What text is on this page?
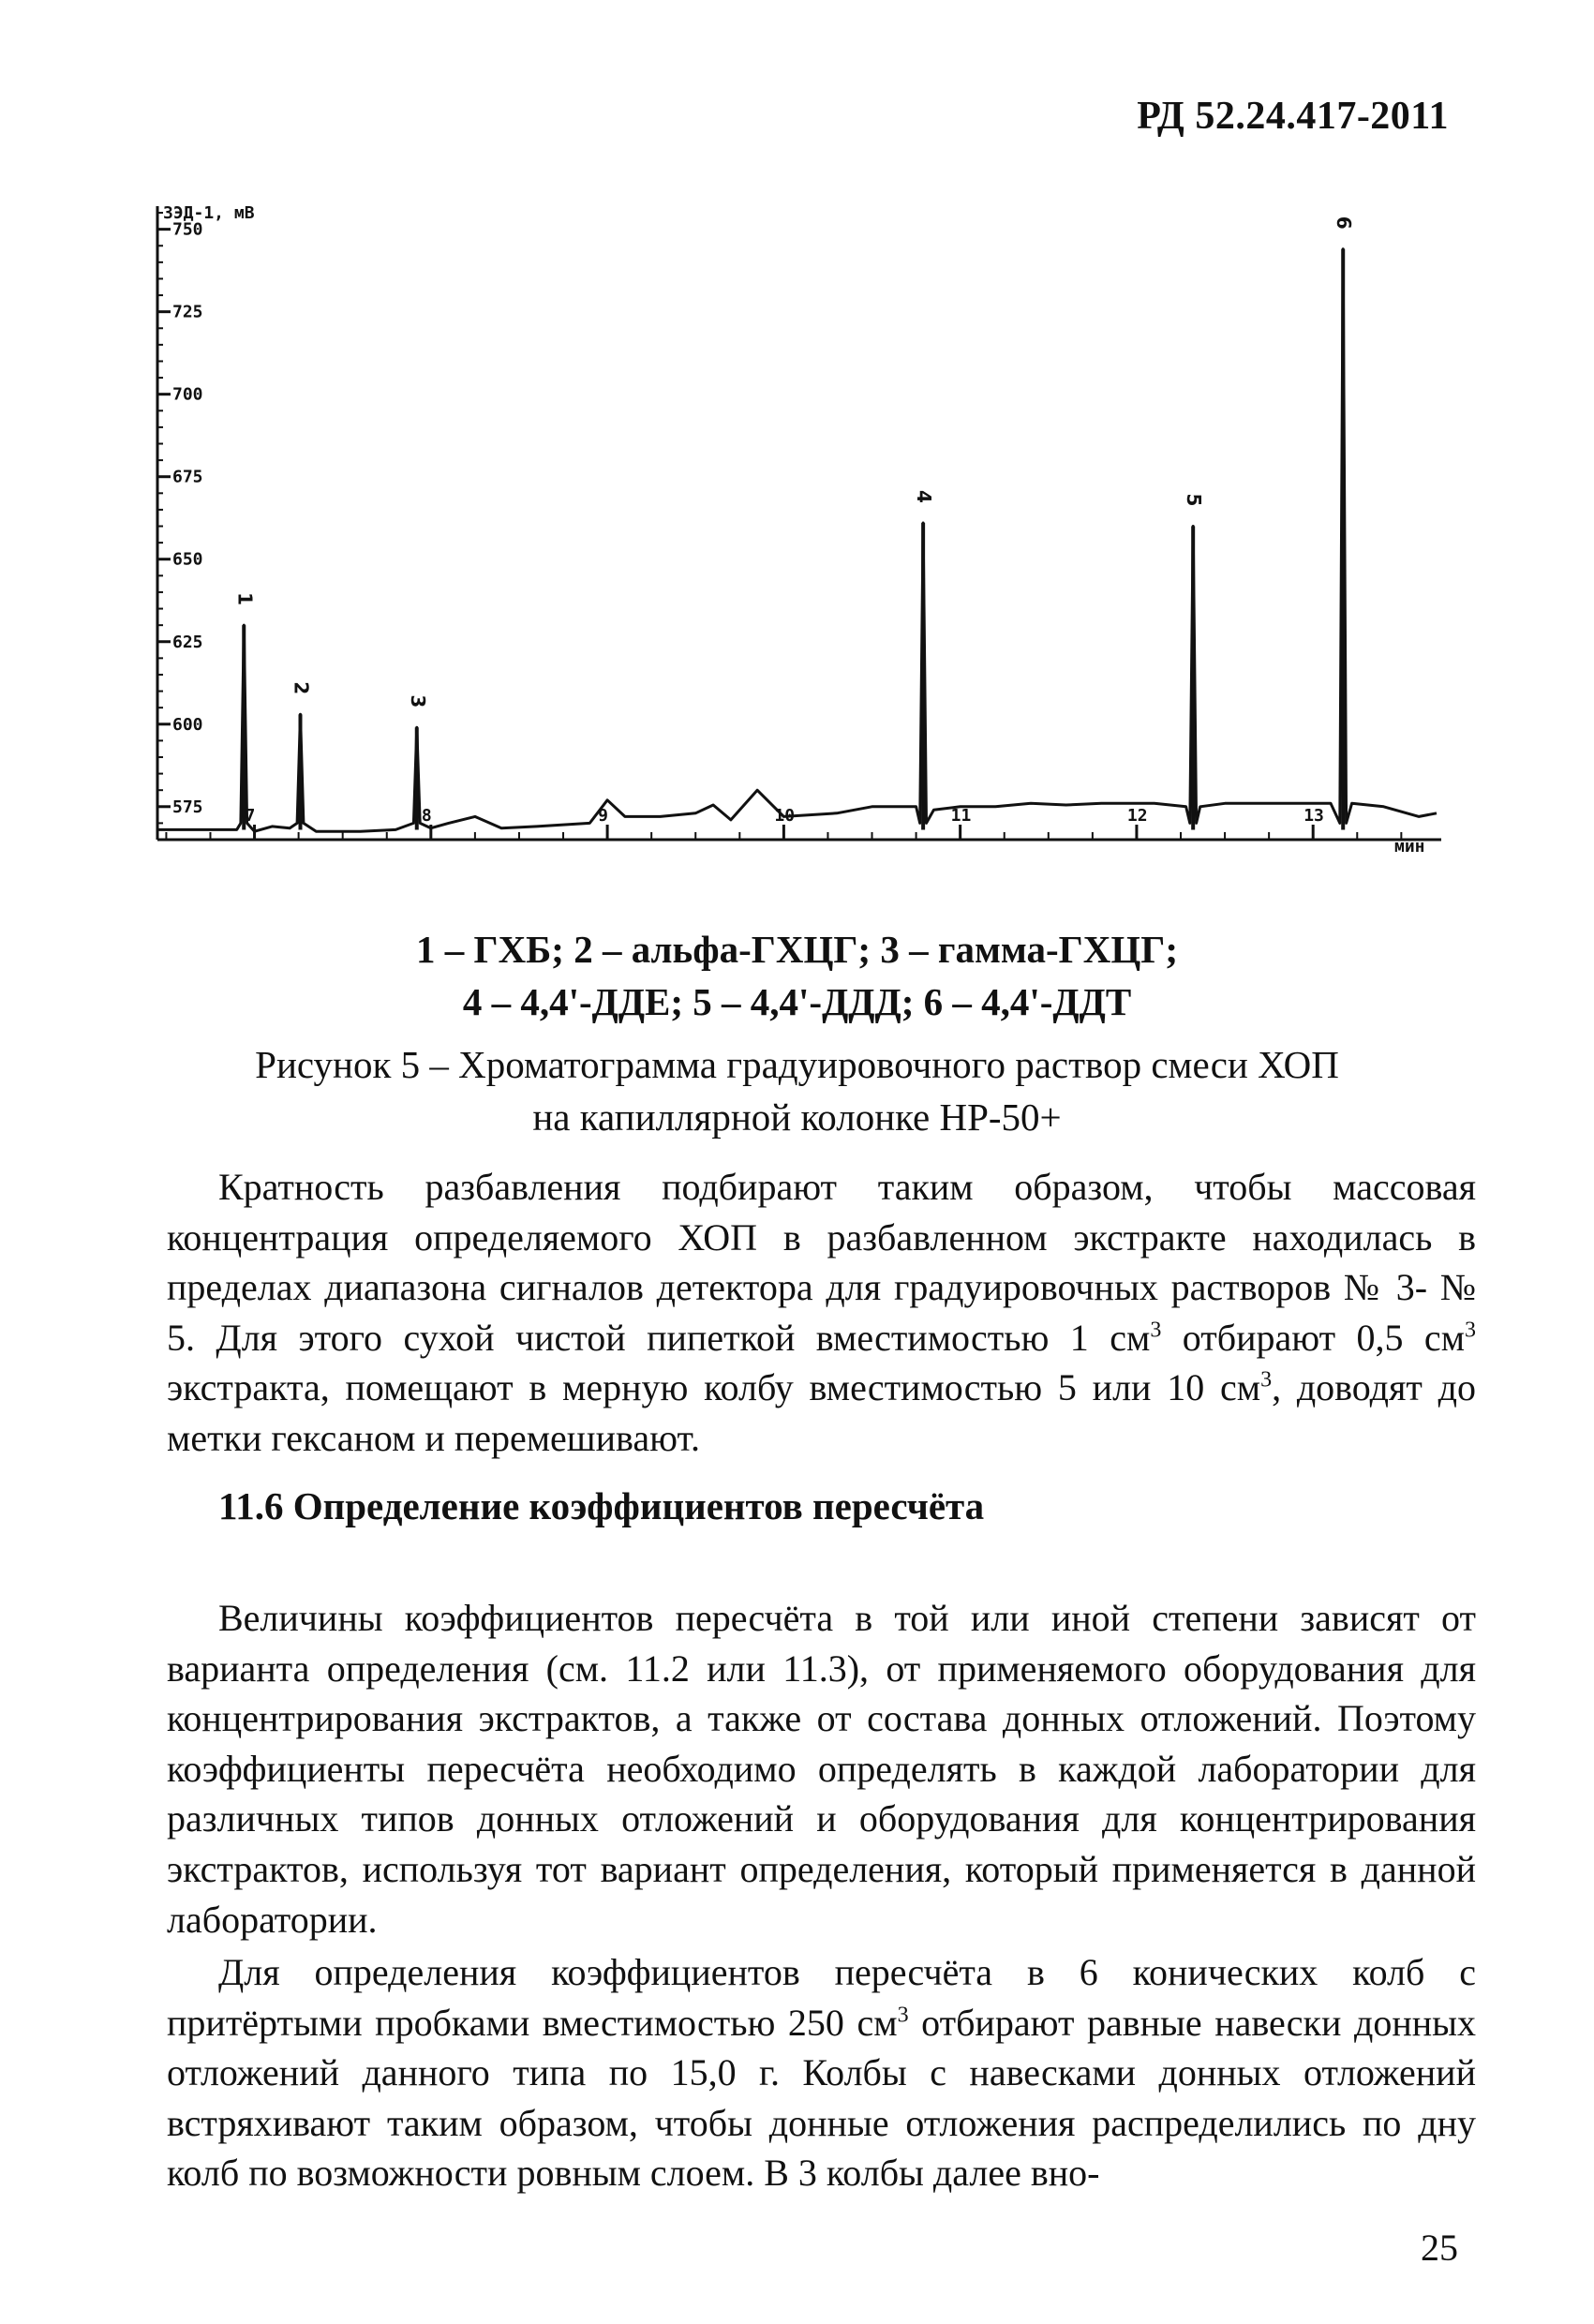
РД 52.24.417-2011
ЗЭД-1, мВ
750
725
700
675
650
625
600
575	7	8	9	10	11	12	13
1
2
3
4	5
6
мин
1 – ГХБ; 2 – альфа-ГХЦГ; 3 – гамма-ГХЦГ;
4 – 4,4'-ДДЕ; 5 – 4,4'-ДДД; 6 – 4,4'-ДДТ
Рисунок 5 – Хроматограмма градуировочного раствор смеси ХОП
на капиллярной колонке НР-50+
Кратность разбавления подбирают таким образом, чтобы массовая концентрация определяемого ХОП в разбавленном экстракте находилась в пределах диапазона сигналов детектора для градуировочных растворов № 3- № 5. Для этого сухой чистой пипеткой вместимостью 1 $см^3$ отбирают 0,5 $см^3$ экстракта, помещают в мерную колбу вместимостью 5 или 10 $см^3$, доводят до метки гексаном и перемешивают.
11.6 Определение коэффициентов пересчёта
Величины коэффициентов пересчёта в той или иной степени зависят от варианта определения (см. 11.2 или 11.3), от применяемого оборудования для концентрирования экстрактов, а также от состава донных отложений. Поэтому коэффициенты пересчёта необходимо определять в каждой лаборатории для различных типов донных отложений и оборудования для концентрирования экстрактов, используя тот вариант определения, который применяется в данной лаборатории.
Для определения коэффициентов пересчёта в 6 конических колб с притёртыми пробками вместимостью 250 $см^3$ отбирают равные навески донных отложений данного типа по 15,0 г. Колбы с навесками донных отложений встряхивают таким образом, чтобы донные отложения распределились по дну колб по возможности ровным слоем. В 3 колбы далее вно-
25
